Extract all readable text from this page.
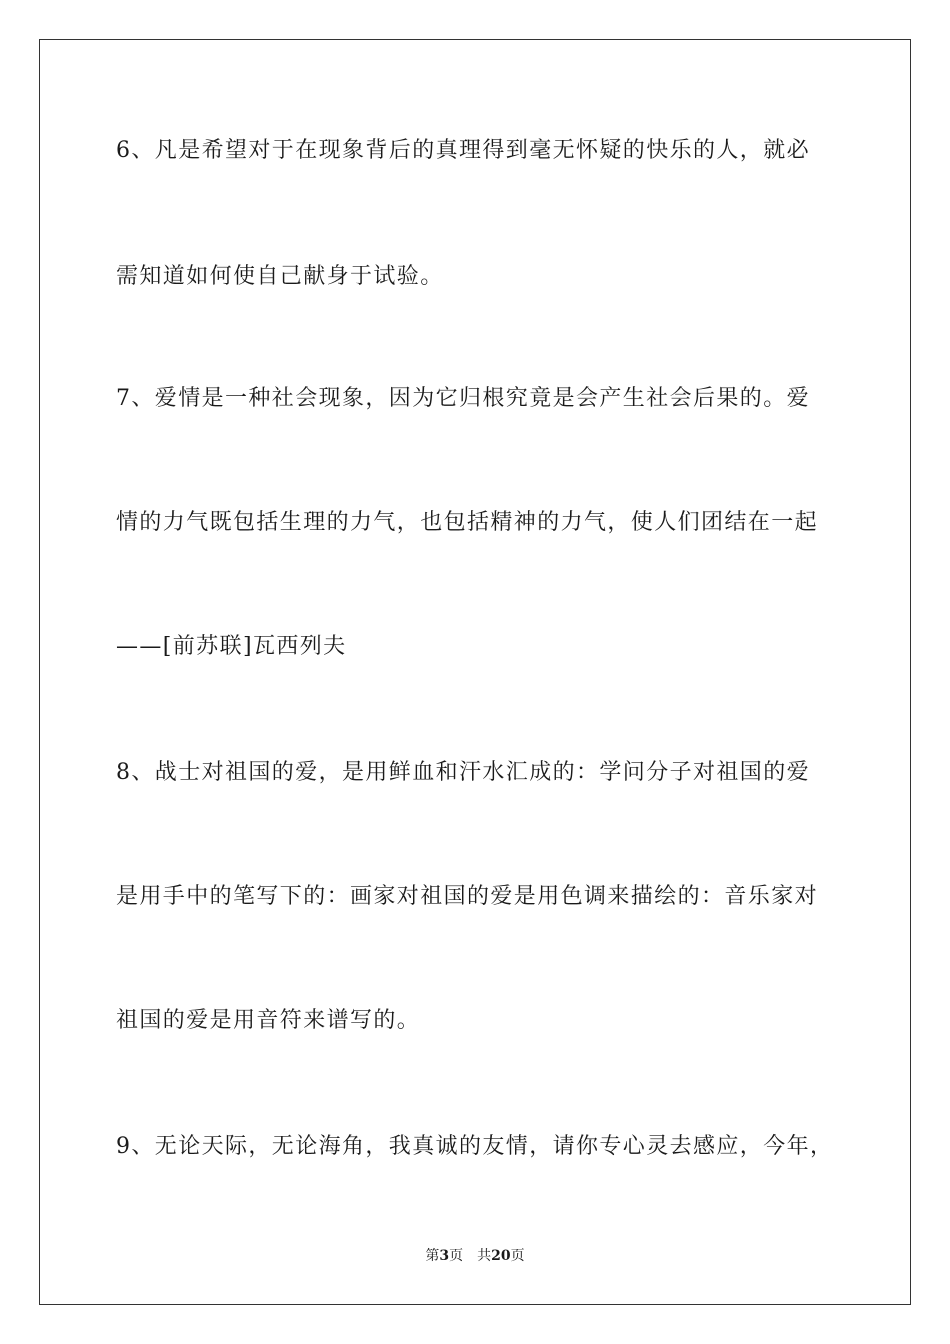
6、凡是希望对于在现象背后的真理得到毫无怀疑的快乐的人，就必
需知道如何使自己献身于试验。
7、爱情是一种社会现象，因为它归根究竟是会产生社会后果的。爱
情的力气既包括生理的力气，也包括精神的力气，使人们团结在一起
——[前苏联]瓦西列夫
8、战士对祖国的爱，是用鲜血和汗水汇成的：学问分子对祖国的爱
是用手中的笔写下的：画家对祖国的爱是用色调来描绘的：音乐家对
祖国的爱是用音符来谱写的。
9、无论天际，无论海角，我真诚的友情，请你专心灵去感应，今年，
第3页 共20页
